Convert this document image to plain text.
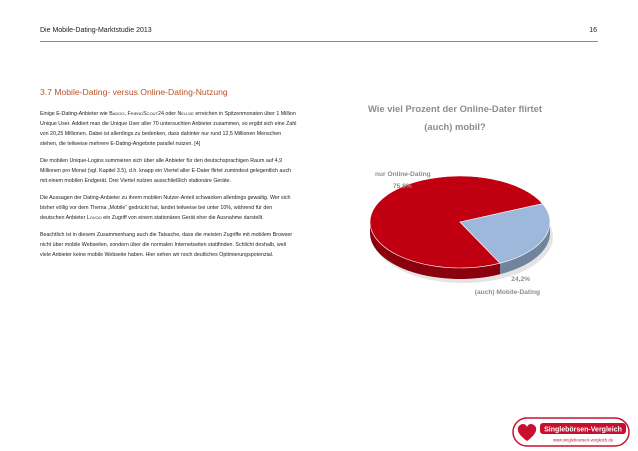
Die Mobile-Dating-Marktstudie 2013	16
3.7 Mobile-Dating- versus Online-Dating-Nutzung

Einige E-Dating-Anbieter wie Badoo, FriendScout24 oder Neu.de erreichen in Spitzenmonaten über 1 Million Unique User. Addiert man die Unique User aller 70 untersuchten Anbieter zusammen, so ergibt sich eine Zahl von 20,25 Millionen. Dabei ist allerdings zu bedenken, dass dahinter nur rund 12,5 Millionen Menschen stehen, die teilweise mehrere E-Dating-Angebote parallel nutzen. [4]

Die mobilen Unique-Logins summieren sich über alle Anbieter für den deutschsprachigen Raum auf 4,9 Millionen pro Monat (vgl. Kapitel 3.5), d.h. knapp ein Viertel aller E-Dater flirtet zumindest gelegentlich auch mit einem mobilen Endgerät. Drei Viertel nutzen ausschließlich stationäre Geräte.

Die Aussagen der Dating-Anbieter zu ihrem mobilen Nutzer-Anteil schwanken allerdings gewaltig. Wer sich bisher völlig vor dem Thema „Mobile“ gedrückt hat, landet teilweise bei unter 10%, während für den deutschen Anbieter Lovoo ein Zugriff von einem stationären Gerät eher die Ausnahme darstellt.

Beachtlich ist in diesem Zusammenhang auch die Tatsache, dass die meisten Zugriffe mit mobilem Browser nicht über mobile Webseiten, sondern über die normalen Internetseiten stattfinden. Schlicht deshalb, weil viele Anbieter keine mobile Webseite haben. Hier sehen wir noch deutliches Optimierungspotenzial.

Wie viel Prozent der Online-Dater flirtet (auch) mobil?
nur Online-Dating
75,8%
24,2%
(auch) Mobile-Dating
Singlebörsen-Vergleich
www.singleboersen-vergleich.de
